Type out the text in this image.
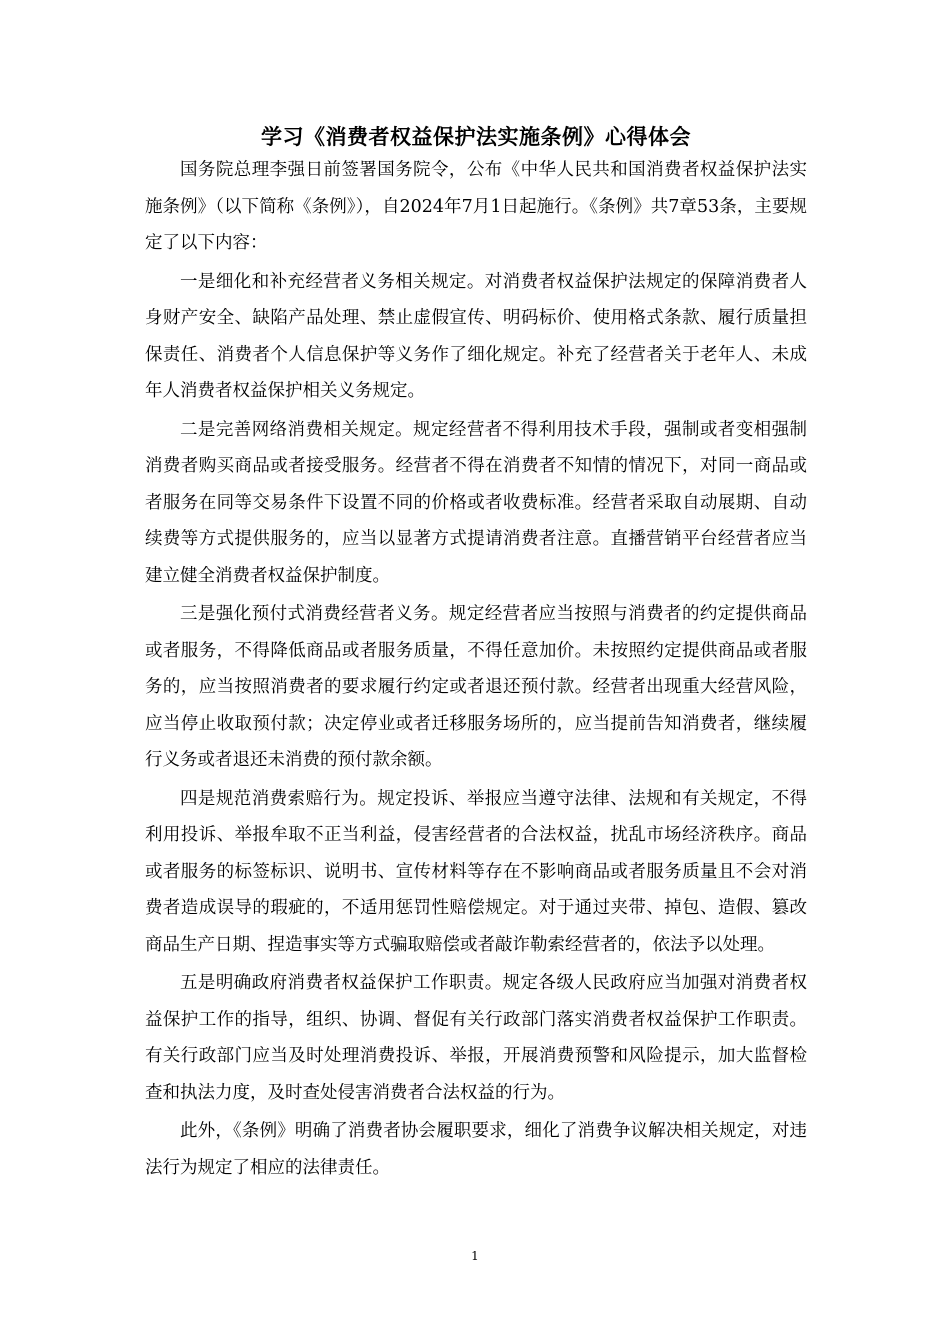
学习《消费者权益保护法实施条例》心得体会

国务院总理李强日前签署国务院令，公布《中华人民共和国消费者权益保护法实施条例》（以下简称《条例》），自2024年7月1日起施行。《条例》共7章53条，主要规定了以下内容：

一是细化和补充经营者义务相关规定。对消费者权益保护法规定的保障消费者人身财产安全、缺陷产品处理、禁止虚假宣传、明码标价、使用格式条款、履行质量担保责任、消费者个人信息保护等义务作了细化规定。补充了经营者关于老年人、未成年人消费者权益保护相关义务规定。

二是完善网络消费相关规定。规定经营者不得利用技术手段，强制或者变相强制消费者购买商品或者接受服务。经营者不得在消费者不知情的情况下，对同一商品或者服务在同等交易条件下设置不同的价格或者收费标准。经营者采取自动展期、自动续费等方式提供服务的，应当以显著方式提请消费者注意。直播营销平台经营者应当建立健全消费者权益保护制度。

三是强化预付式消费经营者义务。规定经营者应当按照与消费者的约定提供商品或者服务，不得降低商品或者服务质量，不得任意加价。未按照约定提供商品或者服务的，应当按照消费者的要求履行约定或者退还预付款。经营者出现重大经营风险，应当停止收取预付款；决定停业或者迁移服务场所的，应当提前告知消费者，继续履行义务或者退还未消费的预付款余额。

四是规范消费索赔行为。规定投诉、举报应当遵守法律、法规和有关规定，不得利用投诉、举报牟取不正当利益，侵害经营者的合法权益，扰乱市场经济秩序。商品或者服务的标签标识、说明书、宣传材料等存在不影响商品或者服务质量且不会对消费者造成误导的瑕疵的，不适用惩罚性赔偿规定。对于通过夹带、掉包、造假、篡改商品生产日期、捏造事实等方式骗取赔偿或者敲诈勒索经营者的，依法予以处理。

五是明确政府消费者权益保护工作职责。规定各级人民政府应当加强对消费者权益保护工作的指导，组织、协调、督促有关行政部门落实消费者权益保护工作职责。有关行政部门应当及时处理消费投诉、举报，开展消费预警和风险提示，加大监督检查和执法力度，及时查处侵害消费者合法权益的行为。

此外，《条例》明确了消费者协会履职要求，细化了消费争议解决相关规定，对违法行为规定了相应的法律责任。

1
